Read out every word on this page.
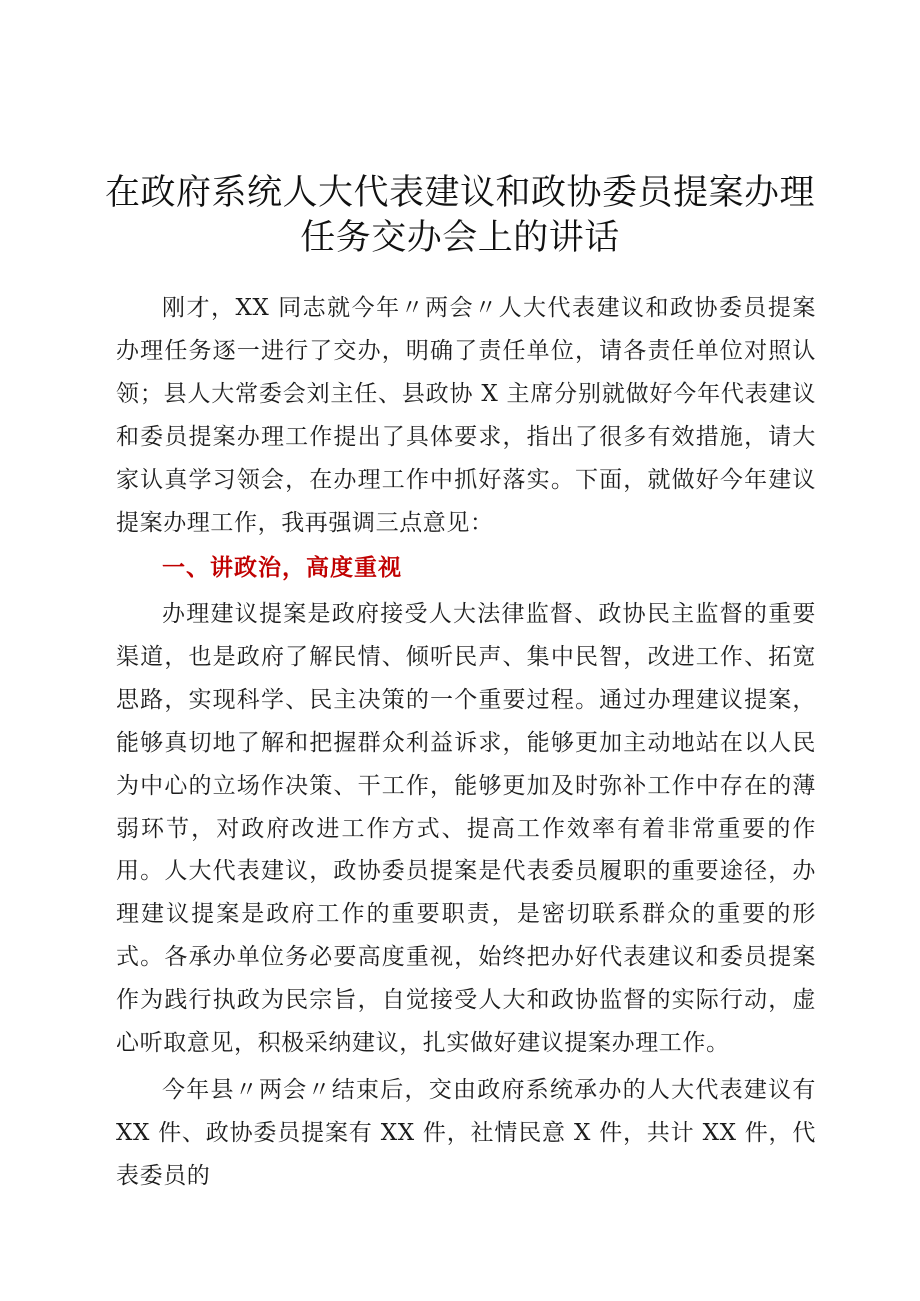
在政府系统人大代表建议和政协委员提案办理
任务交办会上的讲话

刚才，XX 同志就今年〃两会〃人大代表建议和政协委员提案办理任务逐一进行了交办，明确了责任单位，请各责任单位对照认领；县人大常委会刘主任、县政协 X 主席分别就做好今年代表建议和委员提案办理工作提出了具体要求，指出了很多有效措施，请大家认真学习领会，在办理工作中抓好落实。下面，就做好今年建议提案办理工作，我再强调三点意见：

一、讲政治，高度重视

办理建议提案是政府接受人大法律监督、政协民主监督的重要渠道，也是政府了解民情、倾听民声、集中民智，改进工作、拓宽思路，实现科学、民主决策的一个重要过程。通过办理建议提案，能够真切地了解和把握群众利益诉求，能够更加主动地站在以人民为中心的立场作决策、干工作，能够更加及时弥补工作中存在的薄弱环节，对政府改进工作方式、提高工作效率有着非常重要的作用。人大代表建议，政协委员提案是代表委员履职的重要途径，办理建议提案是政府工作的重要职责，是密切联系群众的重要的形式。各承办单位务必要高度重视，始终把办好代表建议和委员提案作为践行执政为民宗旨，自觉接受人大和政协监督的实际行动，虚心听取意见，积极采纳建议，扎实做好建议提案办理工作。

今年县〃两会〃结束后，交由政府系统承办的人大代表建议有 XX 件、政协委员提案有 XX 件，社情民意 X 件，共计 XX 件，代表委员的
